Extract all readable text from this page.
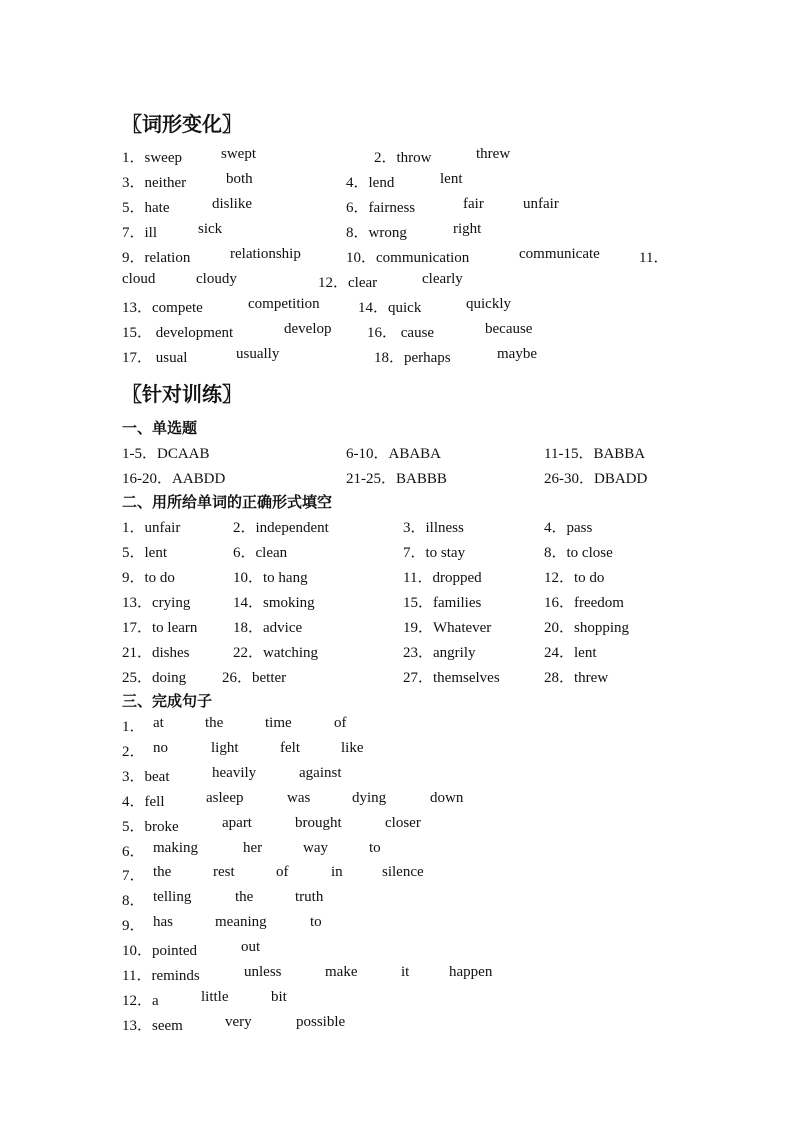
〖词形变化〗
1．sweep	swept	2．throw	threw
3．neither	both	4．lend	lent
5．hate	dislike	6．fairness	fair	unfair
7．ill	sick	8．wrong	right
9．relation	relationship	10．communication	communicate	11．
cloud	cloudy	12．clear	clearly
13．compete	competition	14．quick	quickly
15． development	develop 16． cause	because
17． usual	usually	18．perhaps	maybe
〖针对训练〗
一、单选题
1-5．DCAAB	6-10．ABABA	11-15．BABBA
16-20．AABDD	21-25．BABBB	26-30．DBADD
二、用所给单词的正确形式填空
1．unfair	2．independent	3．illness	4．pass
5．lent	6．clean	7．to stay	8．to close
9．to do	10．to hang	11．dropped	12．to do
13．crying	14．smoking	15．families	16．freedom
17．to learn 18．advice	19．Whatever	20．shopping
21．dishes	22．watching	23．angrily	24．lent
25．doing 26．better	27．themselves	28．threw
三、完成句子
1． at	the	time	of
2． no	light	felt	like
3．beat	heavily	against
4．fell	asleep	was	dying	down
5．broke	apart	brought	closer
6． making	her	way	to
7． the	rest	of	in	silence
8． telling	the	truth
9． has	meaning	to
10．pointed	out
11．reminds	unless	make	it	happen
12．a	little	bit
13．seem	very	possible
